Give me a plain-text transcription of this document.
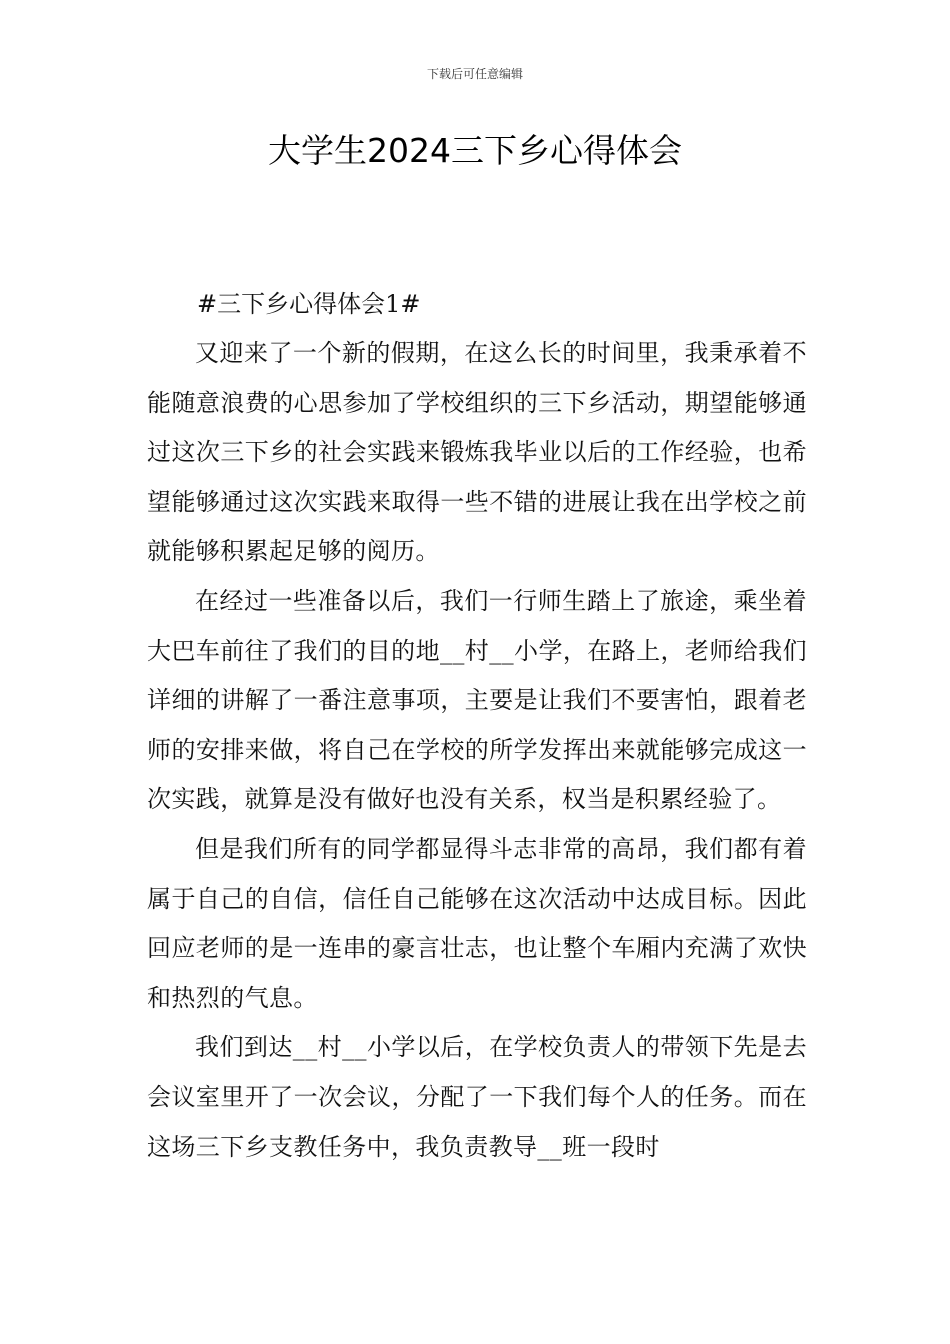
下载后可任意编辑
大学生2024三下乡心得体会

#三下乡心得体会1#

又迎来了一个新的假期，在这么长的时间里，我秉承着不能随意浪费的心思参加了学校组织的三下乡活动，期望能够通过这次三下乡的社会实践来锻炼我毕业以后的工作经验，也希望能够通过这次实践来取得一些不错的进展让我在出学校之前就能够积累起足够的阅历。

在经过一些准备以后，我们一行师生踏上了旅途，乘坐着大巴车前往了我们的目的地__村__小学，在路上，老师给我们详细的讲解了一番注意事项，主要是让我们不要害怕，跟着老师的安排来做，将自己在学校的所学发挥出来就能够完成这一次实践，就算是没有做好也没有关系，权当是积累经验了。

但是我们所有的同学都显得斗志非常的高昂，我们都有着属于自己的自信，信任自己能够在这次活动中达成目标。因此回应老师的是一连串的豪言壮志，也让整个车厢内充满了欢快和热烈的气息。

我们到达__村__小学以后，在学校负责人的带领下先是去会议室里开了一次会议，分配了一下我们每个人的任务。而在这场三下乡支教任务中，我负责教导__班一段时
